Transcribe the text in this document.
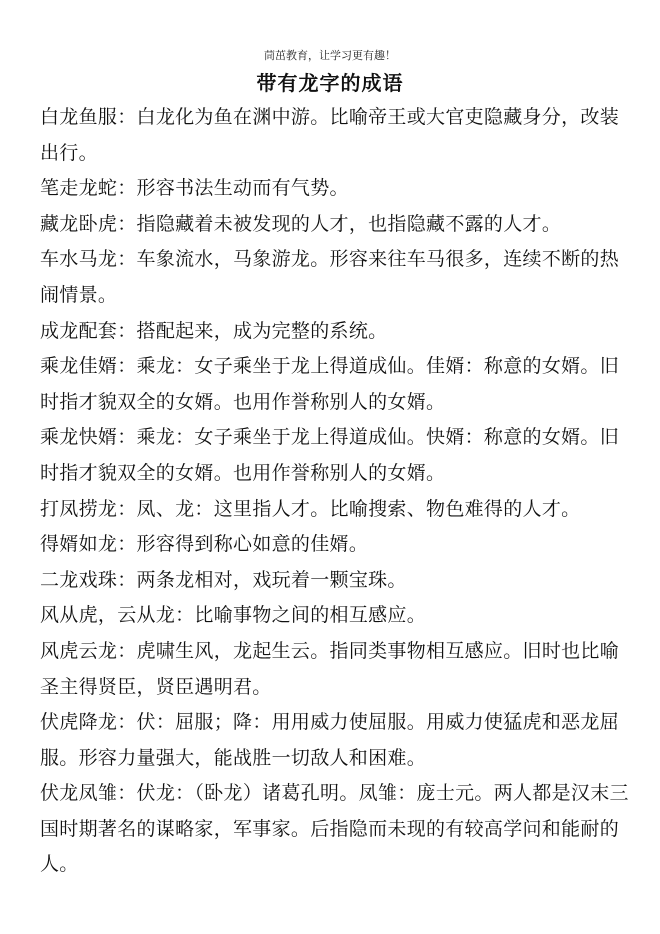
茼茁教育，让学习更有趣！
带有龙字的成语

白龙鱼服：白龙化为鱼在渊中游。比喻帝王或大官吏隐藏身分，改装出行。

笔走龙蛇：形容书法生动而有气势。

藏龙卧虎：指隐藏着未被发现的人才，也指隐藏不露的人才。

车水马龙：车象流水，马象游龙。形容来往车马很多，连续不断的热闹情景。

成龙配套：搭配起来，成为完整的系统。

乘龙佳婿：乘龙：女子乘坐于龙上得道成仙。佳婿：称意的女婿。旧时指才貌双全的女婿。也用作誉称别人的女婿。

乘龙快婿：乘龙：女子乘坐于龙上得道成仙。快婿：称意的女婿。旧时指才貌双全的女婿。也用作誉称别人的女婿。

打凤捞龙：凤、龙：这里指人才。比喻搜索、物色难得的人才。

得婿如龙：形容得到称心如意的佳婿。

二龙戏珠：两条龙相对，戏玩着一颗宝珠。

风从虎，云从龙：比喻事物之间的相互感应。

风虎云龙：虎啸生风，龙起生云。指同类事物相互感应。旧时也比喻圣主得贤臣，贤臣遇明君。

伏虎降龙：伏：屈服；降：用用威力使屈服。用威力使猛虎和恶龙屈服。形容力量强大，能战胜一切敌人和困难。

伏龙凤雏：伏龙：（卧龙）诸葛孔明。凤雏：庞士元。两人都是汉末三国时期著名的谋略家，军事家。后指隐而未现的有较高学问和能耐的人。
